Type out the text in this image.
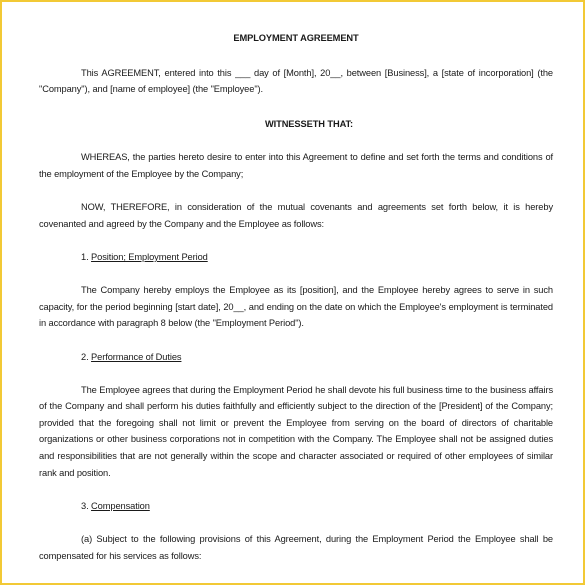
EMPLOYMENT AGREEMENT

This AGREEMENT, entered into this ___ day of [Month], 20__, between [Business], a [state of incorporation] (the "Company"), and [name of employee] (the "Employee").

WITNESSETH THAT:

WHEREAS, the parties hereto desire to enter into this Agreement to define and set forth the terms and conditions of the employment of the Employee by the Company;

NOW, THEREFORE, in consideration of the mutual covenants and agreements set forth below, it is hereby covenanted and agreed by the Company and the Employee as follows:

1. Position; Employment Period

The Company hereby employs the Employee as its [position], and the Employee hereby agrees to serve in such capacity, for the period beginning [start date], 20__, and ending on the date on which the Employee's employment is terminated in accordance with paragraph 8 below (the "Employment Period").

2. Performance of Duties

The Employee agrees that during the Employment Period he shall devote his full business time to the business affairs of the Company and shall perform his duties faithfully and efficiently subject to the direction of the [President] of the Company; provided that the foregoing shall not limit or prevent the Employee from serving on the board of directors of charitable organizations or other business corporations not in competition with the Company. The Employee shall not be assigned duties and responsibilities that are not generally within the scope and character associated or required of other employees of similar rank and position.

3. Compensation

(a) Subject to the following provisions of this Agreement, during the Employment Period the Employee shall be compensated for his services as follows:
